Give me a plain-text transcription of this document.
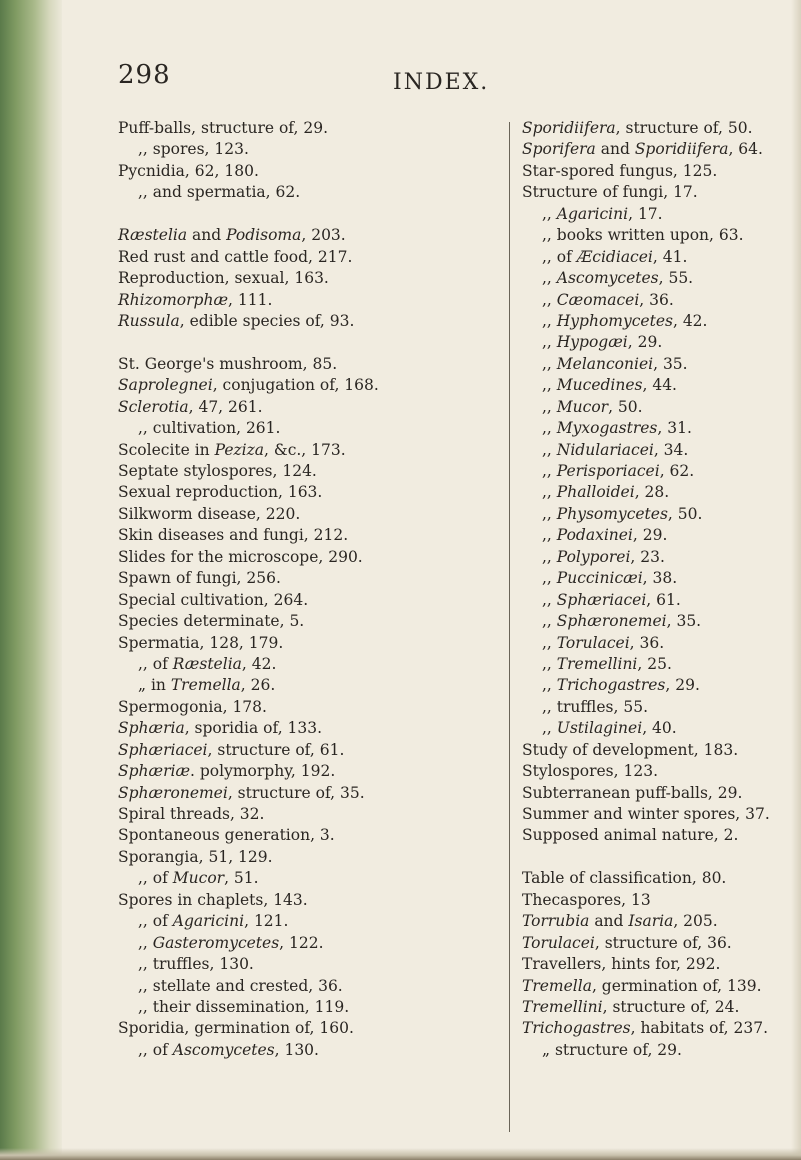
298	INDEX.
Puff-balls, structure of, 29.
,, spores, 123.
Pycnidia, 62, 180.
,, and spermatia, 62.
Ræstelia and Podisoma, 203.
Red rust and cattle food, 217.
Reproduction, sexual, 163.
Rhizomorphæ, 111.
Russula, edible species of, 93.
St. George's mushroom, 85.
Saprolegnei, conjugation of, 168.
Sclerotia, 47, 261.
,, cultivation, 261.
Scolecite in Peziza, &c., 173.
Septate stylospores, 124.
Sexual reproduction, 163.
Silkworm disease, 220.
Skin diseases and fungi, 212.
Slides for the microscope, 290.
Spawn of fungi, 256.
Special cultivation, 264.
Species determinate, 5.
Spermatia, 128, 179.
,, of Ræstelia, 42.
„ in Tremella, 26.
Spermogonia, 178.
Sphæria, sporidia of, 133.
Sphæriacei, structure of, 61.
Sphæriæ. polymorphy, 192.
Sphæronemei, structure of, 35.
Spiral threads, 32.
Spontaneous generation, 3.
Sporangia, 51, 129.
,, of Mucor, 51.
Spores in chaplets, 143.
,, of Agaricini, 121.
,, Gasteromycetes, 122.
,, truffles, 130.
,, stellate and crested, 36.
,, their dissemination, 119.
Sporidia, germination of, 160.
,, of Ascomycetes, 130.
Sporidiifera, structure of, 50.
Sporifera and Sporidiifera, 64.
Star-spored fungus, 125.
Structure of fungi, 17.
,, Agaricini, 17.
,, books written upon, 63.
,, of Æcidiacei, 41.
,, Ascomycetes, 55.
,, Cæomacei, 36.
,, Hyphomycetes, 42.
,, Hypogæi, 29.
,, Melanconiei, 35.
,, Mucedines, 44.
,, Mucor, 50.
,, Myxogastres, 31.
,, Nidulariacei, 34.
,, Perisporiacei, 62.
,, Phalloidei, 28.
,, Physomycetes, 50.
,, Podaxinei, 29.
,, Polyporei, 23.
,, Puccinicæi, 38.
,, Sphæriacei, 61.
,, Sphæronemei, 35.
,, Torulacei, 36.
,, Tremellini, 25.
,, Trichogastres, 29.
,, truffles, 55.
,, Ustilaginei, 40.
Study of development, 183.
Stylospores, 123.
Subterranean puff-balls, 29.
Summer and winter spores, 37.
Supposed animal nature, 2.
Table of classification, 80.
Thecaspores, 13
Torrubia and Isaria, 205.
Torulacei, structure of, 36.
Travellers, hints for, 292.
Tremella, germination of, 139.
Tremellini, structure of, 24.
Trichogastres, habitats of, 237.
„ structure of, 29.
